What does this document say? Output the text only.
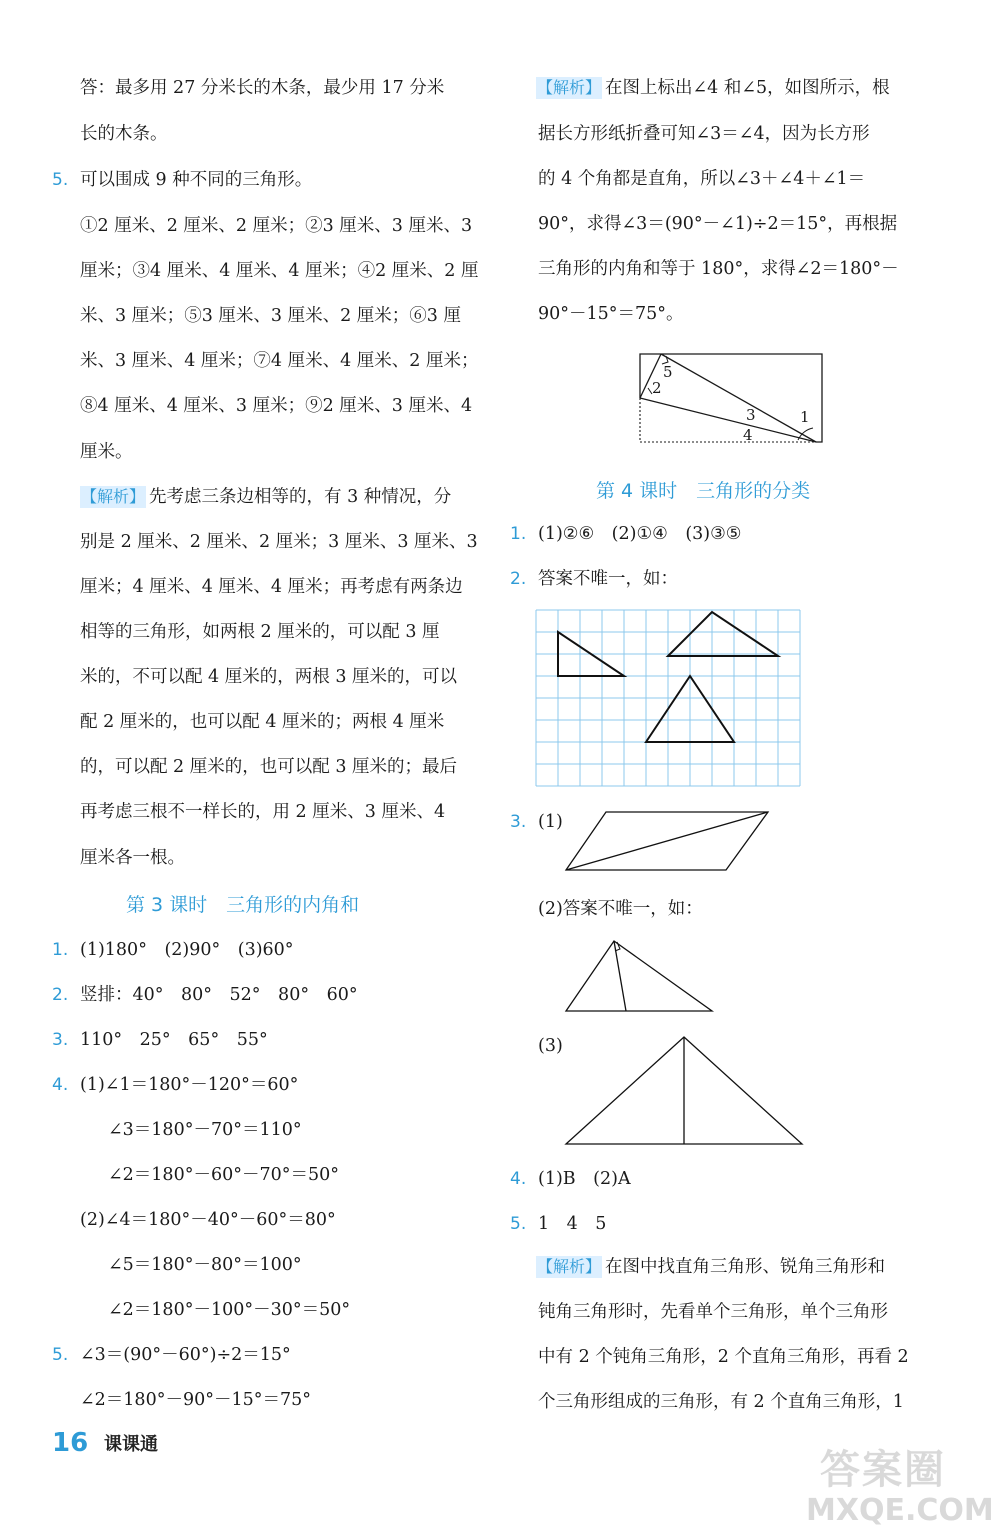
答：最多用 27 分米长的木条，最少用 17 分米
长的木条。
5. 可以围成 9 种不同的三角形。
①2 厘米、2 厘米、2 厘米；②3 厘米、3 厘米、3
厘米；③4 厘米、4 厘米、4 厘米；④2 厘米、2 厘
米、3 厘米；⑤3 厘米、3 厘米、2 厘米；⑥3 厘
米、3 厘米、4 厘米；⑦4 厘米、4 厘米、2 厘米；
⑧4 厘米、4 厘米、3 厘米；⑨2 厘米、3 厘米、4
厘米。
【解析】 先考虑三条边相等的，有 3 种情况，分
别是 2 厘米、2 厘米、2 厘米；3 厘米、3 厘米、3
厘米；4 厘米、4 厘米、4 厘米；再考虑有两条边
相等的三角形，如两根 2 厘米的，可以配 3 厘
米的，不可以配 4 厘米的，两根 3 厘米的，可以
配 2 厘米的，也可以配 4 厘米的；两根 4 厘米
的，可以配 2 厘米的，也可以配 3 厘米的；最后
再考虑三根不一样长的，用 2 厘米、3 厘米、4
厘米各一根。
第 3 课时　三角形的内角和
1. (1)180°　(2)90°　(3)60°
2. 竖排：40°　80°　52°　80°　60°
3. 110°　25°　65°　55°
4. (1)∠1＝180°－120°＝60°
∠3＝180°－70°＝110°
∠2＝180°－60°－70°＝50°
(2)∠4＝180°－40°－60°＝80°
∠5＝180°－80°＝100°
∠2＝180°－100°－30°＝50°
5. ∠3＝(90°－60°)÷2＝15°
∠2＝180°－90°－15°＝75°
【解析】 在图上标出∠4 和∠5，如图所示，根
据长方形纸折叠可知∠3＝∠4，因为长方形
的 4 个角都是直角，所以∠3＋∠4＋∠1＝
90°，求得∠3＝(90°－∠1)÷2＝15°，再根据
三角形的内角和等于 180°，求得∠2＝180°－
90°－15°＝75°。
5
2
3	1
4
第 4 课时　三角形的分类
1. (1)②⑥　(2)①④　(3)③⑤
2. 答案不唯一，如：
3. (1)
(2)答案不唯一，如：
(3)
4. (1)B　(2)A
5. 1　4　5
【解析】 在图中找直角三角形、锐角三角形和
钝角三角形时，先看单个三角形，单个三角形
中有 2 个钝角三角形，2 个直角三角形，再看 2
个三角形组成的三角形，有 2 个直角三角形，1
16 课课通
答案圈
MXQE.COM
